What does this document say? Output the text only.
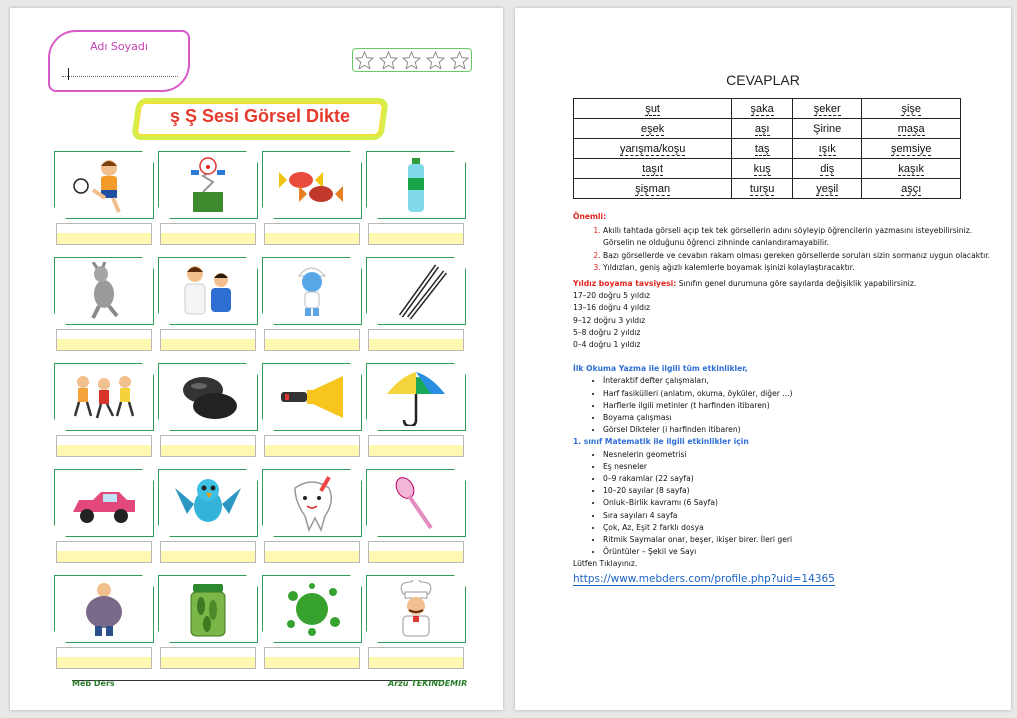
Adı Soyadı
ş Ş Sesi Görsel Dikte
Meb Ders	Arzu TEKINDEMIR
CEVAPLAR
şut	şaka	şeker	şişe
eşek	aşı	Şirine	maşa
yarışma/koşu	taş	ışık	şemsiye
taşıt	kuş	diş	kaşık
şişman	turşu	yeşil	aşçı
Önemli:
1. Akıllı tahtada görseli açıp tek tek görsellerin adını söyleyip öğrencilerin yazmasını isteyebilirsiniz. Görselin ne olduğunu öğrenci zihninde canlandıramayabilir.
2. Bazı görsellerde ve cevabın rakam olması gereken görsellerde soruları sizin sormanız uygun olacaktır.
3. Yıldızları, geniş ağızlı kalemlerle boyamak işinizi kolaylaştıracaktır.
Yıldız boyama tavsiyesi: Sınıfın genel durumuna göre sayılarda değişiklik yapabilirsiniz.
17–20 doğru 5 yıldız
13–16 doğru 4 yıldız
9–12 doğru 3 yıldız
5–8 doğru 2 yıldız
0–4 doğru 1 yıldız
İlk Okuma Yazma ile ilgili tüm etkinlikler,
• İnteraktif defter çalışmaları,
• Harf fasikülleri (anlatım, okuma, öyküler, diğer ...)
• Harflerle ilgili metinler (t harfinden itibaren)
• Boyama çalışması
• Görsel Dikteler (i harfinden itibaren)
1. sınıf Matematik ile ilgili etkinlikler için
• Nesnelerin geometrisi
• Eş nesneler
• 0–9 rakamlar (22 sayfa)
• 10–20 sayılar (8 sayfa)
• Onluk–Birlik kavramı (6 Sayfa)
• Sıra sayıları 4 sayfa
• Çok, Az, Eşit 2 farklı dosya
• Ritmik Saymalar onar, beşer, ikişer birer. İleri geri
• Örüntüler – Şekil ve Sayı
Lütfen Tıklayınız.
https://www.mebders.com/profile.php?uid=14365
